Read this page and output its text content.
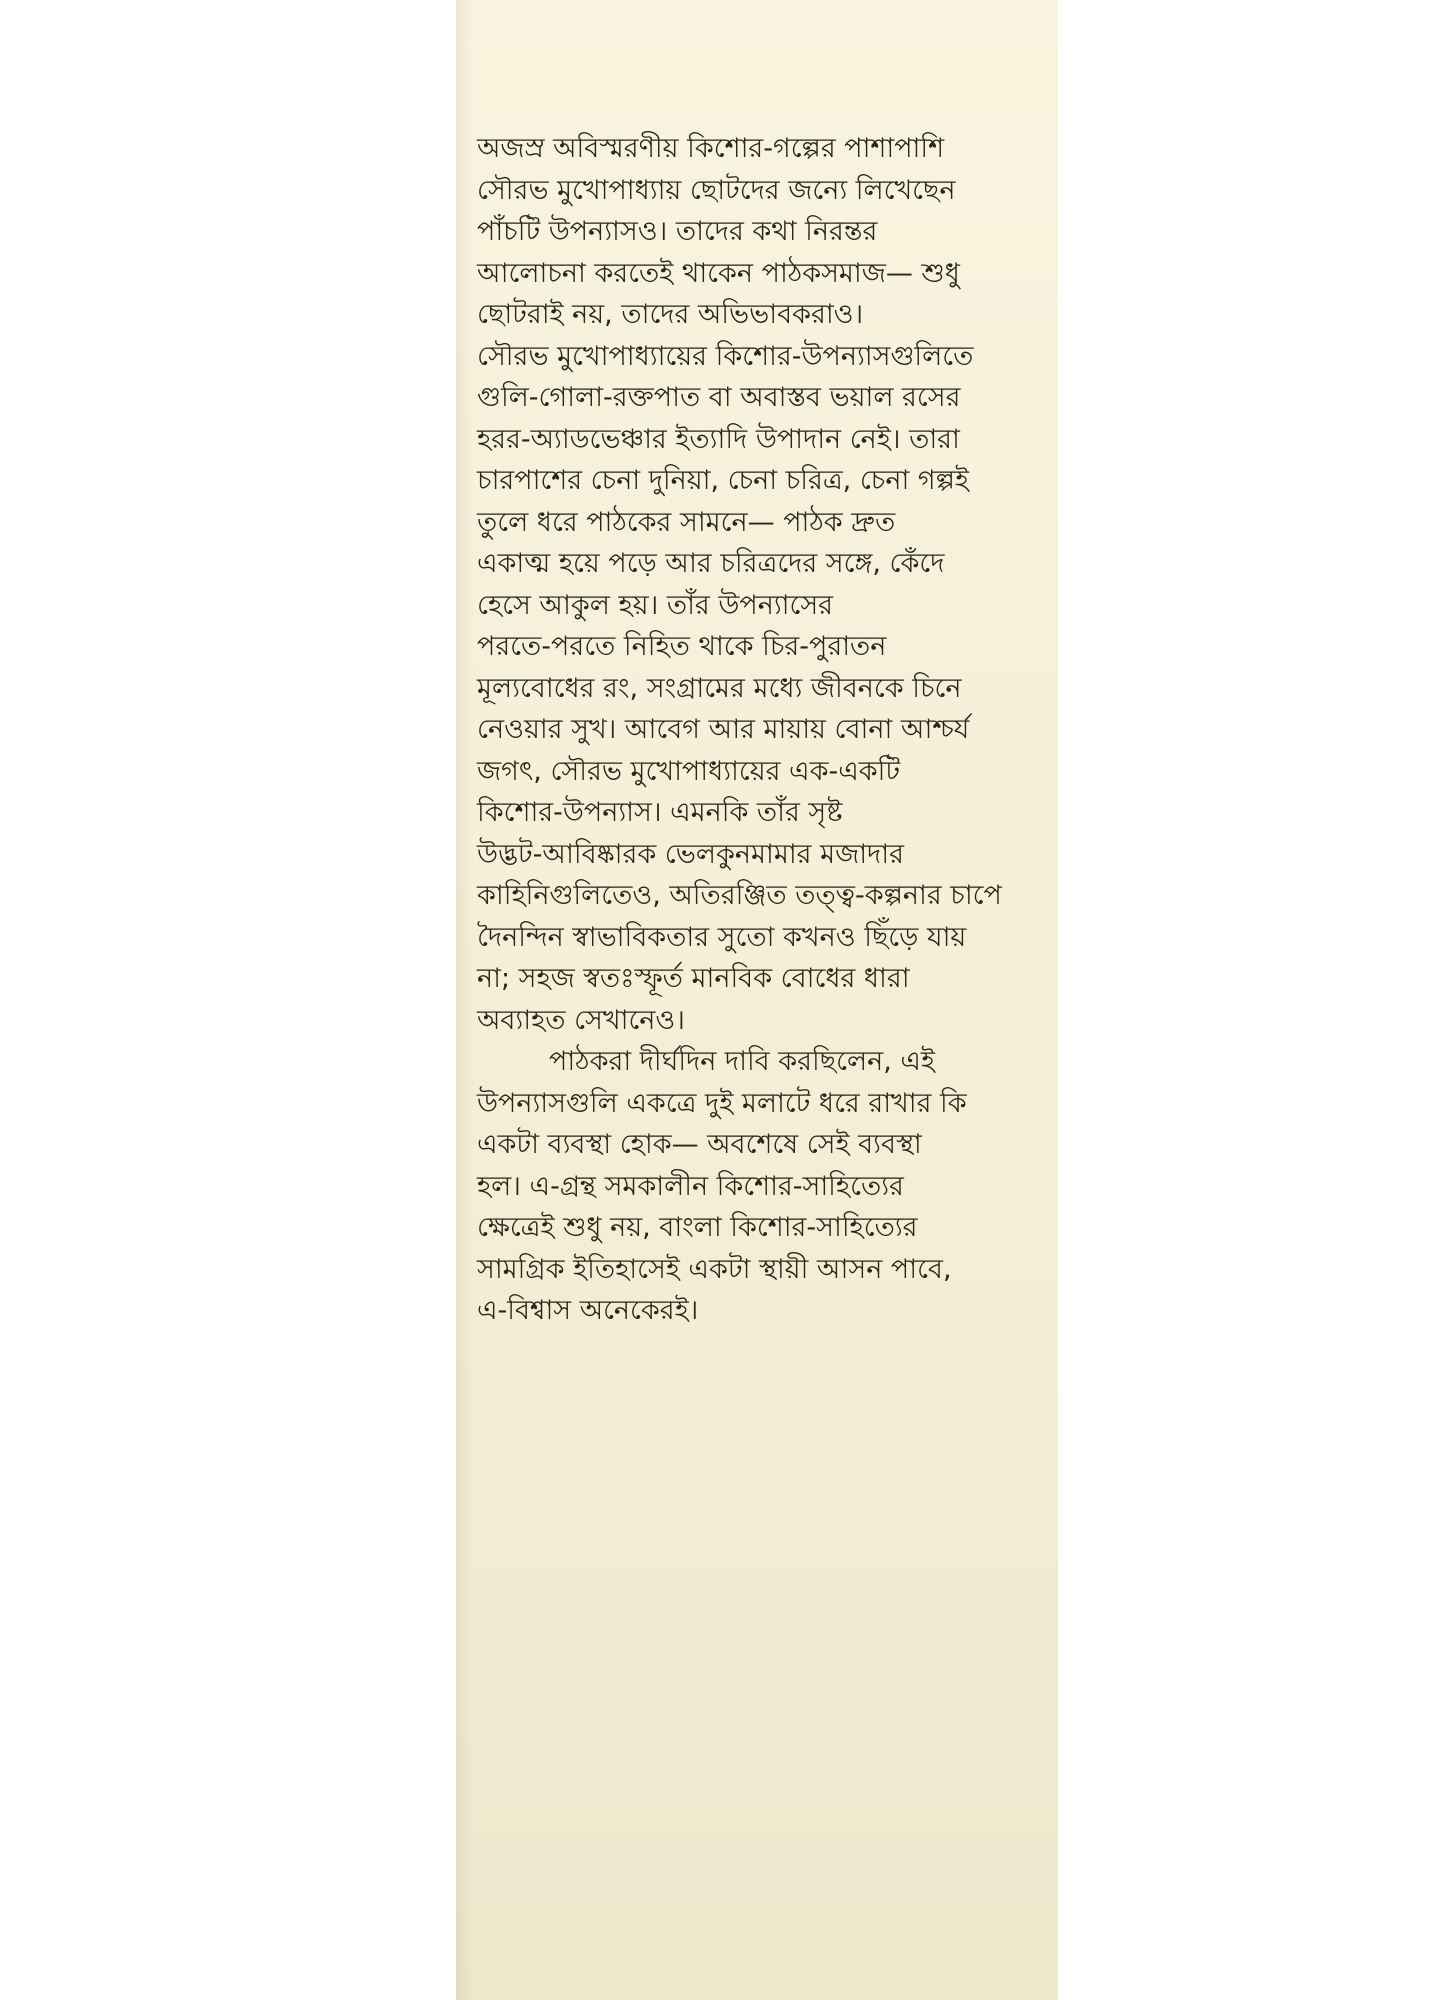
অজস্র অবিস্মরণীয় কিশোর-গল্পের পাশাপাশি
সৌরভ মুখোপাধ্যায় ছোটদের জন্যে লিখেছেন
পাঁচটি উপন্যাসও। তাদের কথা নিরন্তর
আলোচনা করতেই থাকেন পাঠকসমাজ— শুধু
ছোটরাই নয়, তাদের অভিভাবকরাও।
সৌরভ মুখোপাধ্যায়ের কিশোর-উপন্যাসগুলিতে
গুলি-গোলা-রক্তপাত বা অবাস্তব ভয়াল রসের
হরর-অ্যাডভেঞ্চার ইত্যাদি উপাদান নেই। তারা
চারপাশের চেনা দুনিয়া, চেনা চরিত্র, চেনা গল্পই
তুলে ধরে পাঠকের সামনে— পাঠক দ্রুত
একাত্ম হয়ে পড়ে আর চরিত্রদের সঙ্গে, কেঁদে
হেসে আকুল হয়। তাঁর উপন্যাসের
পরতে-পরতে নিহিত থাকে চির-পুরাতন
মূল্যবোধের রং, সংগ্রামের মধ্যে জীবনকে চিনে
নেওয়ার সুখ। আবেগ আর মায়ায় বোনা আশ্চর্য
জগৎ, সৌরভ মুখোপাধ্যায়ের এক-একটি
কিশোর-উপন্যাস। এমনকি তাঁর সৃষ্ট
উদ্ভট-আবিষ্কারক ভেলকুনমামার মজাদার
কাহিনিগুলিতেও, অতিরঞ্জিত তত্ত্ব-কল্পনার চাপে
দৈনন্দিন স্বাভাবিকতার সুতো কখনও ছিঁড়ে যায়
না; সহজ স্বতঃস্ফূর্ত মানবিক বোধের ধারা
অব্যাহত সেখানেও।
পাঠকরা দীর্ঘদিন দাবি করছিলেন, এই
উপন্যাসগুলি একত্রে দুই মলাটে ধরে রাখার কি
একটা ব্যবস্থা হোক— অবশেষে সেই ব্যবস্থা
হল। এ-গ্রন্থ সমকালীন কিশোর-সাহিত্যের
ক্ষেত্রেই শুধু নয়, বাংলা কিশোর-সাহিত্যের
সামগ্রিক ইতিহাসেই একটা স্থায়ী আসন পাবে,
এ-বিশ্বাস অনেকেরই।
